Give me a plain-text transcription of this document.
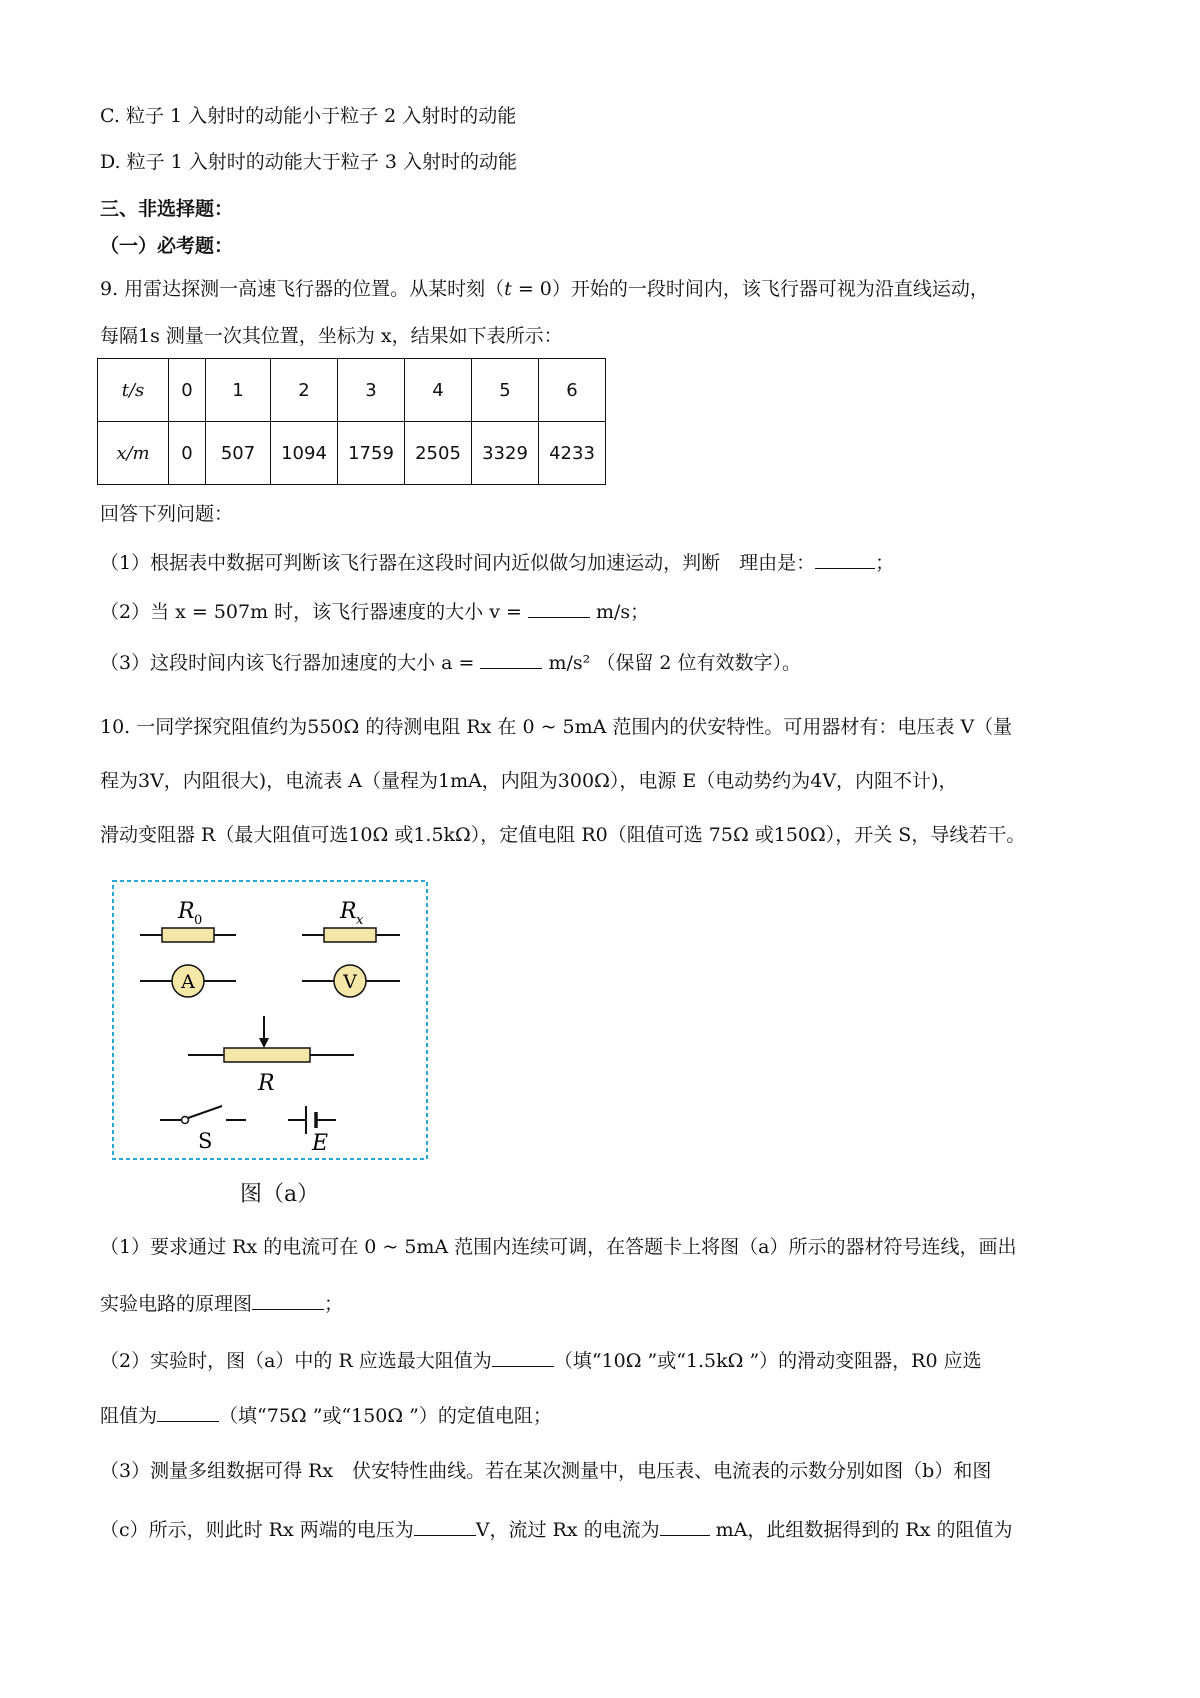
C. 粒子 1 入射时的动能小于粒子 2 入射时的动能
D. 粒子 1 入射时的动能大于粒子 3 入射时的动能
三、非选择题：
（一）必考题：
9. 用雷达探测一高速飞行器的位置。从某时刻（t = 0）开始的一段时间内，该飞行器可视为沿直线运动，
每隔1s 测量一次其位置，坐标为 x，结果如下表所示：
t/s	0	1	2	3	4	5	6
x/m	0	507	1094	1759	2505	3329	4233
回答下列问题：
（1）根据表中数据可判断该飞行器在这段时间内近似做匀加速运动，判断　理由是：	；
（2）当 x = 507m 时，该飞行器速度的大小 v =	m/s；
（3）这段时间内该飞行器加速度的大小 a =	m/s² （保留 2 位有效数字）。
10. 一同学探究阻值约为550Ω 的待测电阻 Rx 在 0 ~ 5mA 范围内的伏安特性。可用器材有：电压表 V（量
程为3V，内阻很大)，电流表 A（量程为1mA，内阻为300Ω），电源 E（电动势约为4V，内阻不计)，
滑动变阻器 R（最大阻值可选10Ω 或1.5kΩ），定值电阻 R0（阻值可选 75Ω 或150Ω），开关 S，导线若干。
R 0	R x
A	V
R
S	E
图（a）
（1）要求通过 Rx 的电流可在 0 ~ 5mA 范围内连续可调，在答题卡上将图（a）所示的器材符号连线，画出
实验电路的原理图	；
（2）实验时，图（a）中的 R 应选最大阻值为	（填“10Ω ”或“1.5kΩ ”）的滑动变阻器，R0 应选
阻值为	（填“75Ω ”或“150Ω ”）的定值电阻；
（3）测量多组数据可得 Rx　伏安特性曲线。若在某次测量中，电压表、电流表的示数分别如图（b）和图
（c）所示，则此时 Rx 两端的电压为	V，流过 Rx 的电流为	mA，此组数据得到的 Rx 的阻值为
